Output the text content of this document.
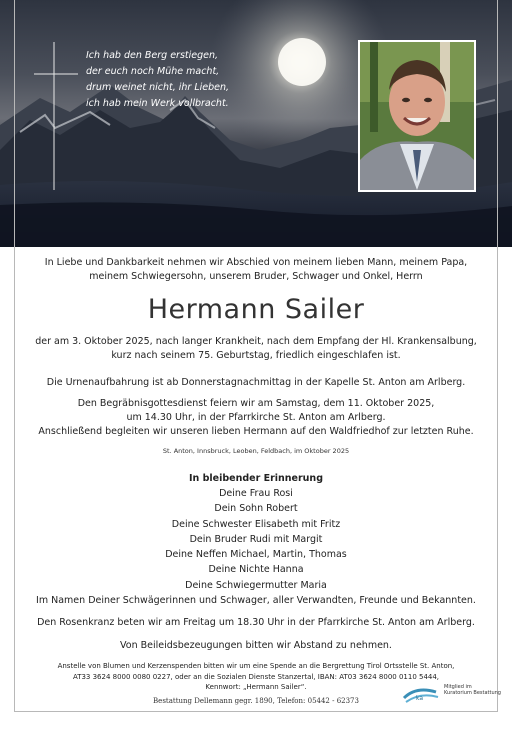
Ich hab den Berg erstiegen,
der euch noch Mühe macht,
drum weinet nicht, ihr Lieben,
ich hab mein Werk vollbracht.
In Liebe und Dankbarkeit nehmen wir Abschied von meinem lieben Mann, meinem Papa,
meinem Schwiegersohn, unserem Bruder, Schwager und Onkel, Herrn
Hermann Sailer
der am 3. Oktober 2025, nach langer Krankheit, nach dem Empfang der Hl. Krankensalbung,
kurz nach seinem 75. Geburtstag, friedlich eingeschlafen ist.
Die Urnenaufbahrung ist ab Donnerstagnachmittag in der Kapelle St. Anton am Arlberg.
Den Begräbnisgottesdienst feiern wir am Samstag, dem 11. Oktober 2025,
um 14.30 Uhr, in der Pfarrkirche St. Anton am Arlberg.
Anschließend begleiten wir unseren lieben Hermann auf den Waldfriedhof zur letzten Ruhe.
St. Anton, Innsbruck, Leoben, Feldbach, im Oktober 2025
In bleibender Erinnerung
Deine Frau Rosi
Dein Sohn Robert
Deine Schwester Elisabeth mit Fritz
Dein Bruder Rudi mit Margit
Deine Neffen Michael, Martin, Thomas
Deine Nichte Hanna
Deine Schwiegermutter Maria
Im Namen Deiner Schwägerinnen und Schwager, aller Verwandten, Freunde und Bekannten.
Den Rosenkranz beten wir am Freitag um 18.30 Uhr in der Pfarrkirche St. Anton am Arlberg.
Von Beileidsbezeugungen bitten wir Abstand zu nehmen.
Anstelle von Blumen und Kerzenspenden bitten wir um eine Spende an die Bergrettung Tirol Ortsstelle St. Anton,
AT33 3624 8000 0080 0227, oder an die Sozialen Dienste Stanzertal, IBAN: AT03 3624 8000 0110 5444,
Kennwort: „Hermann Sailer“.
Bestattung Dellemann gegr. 1890, Telefon: 05442 - 62373	ka
Mitglied im
Kuratorium Bestattung
